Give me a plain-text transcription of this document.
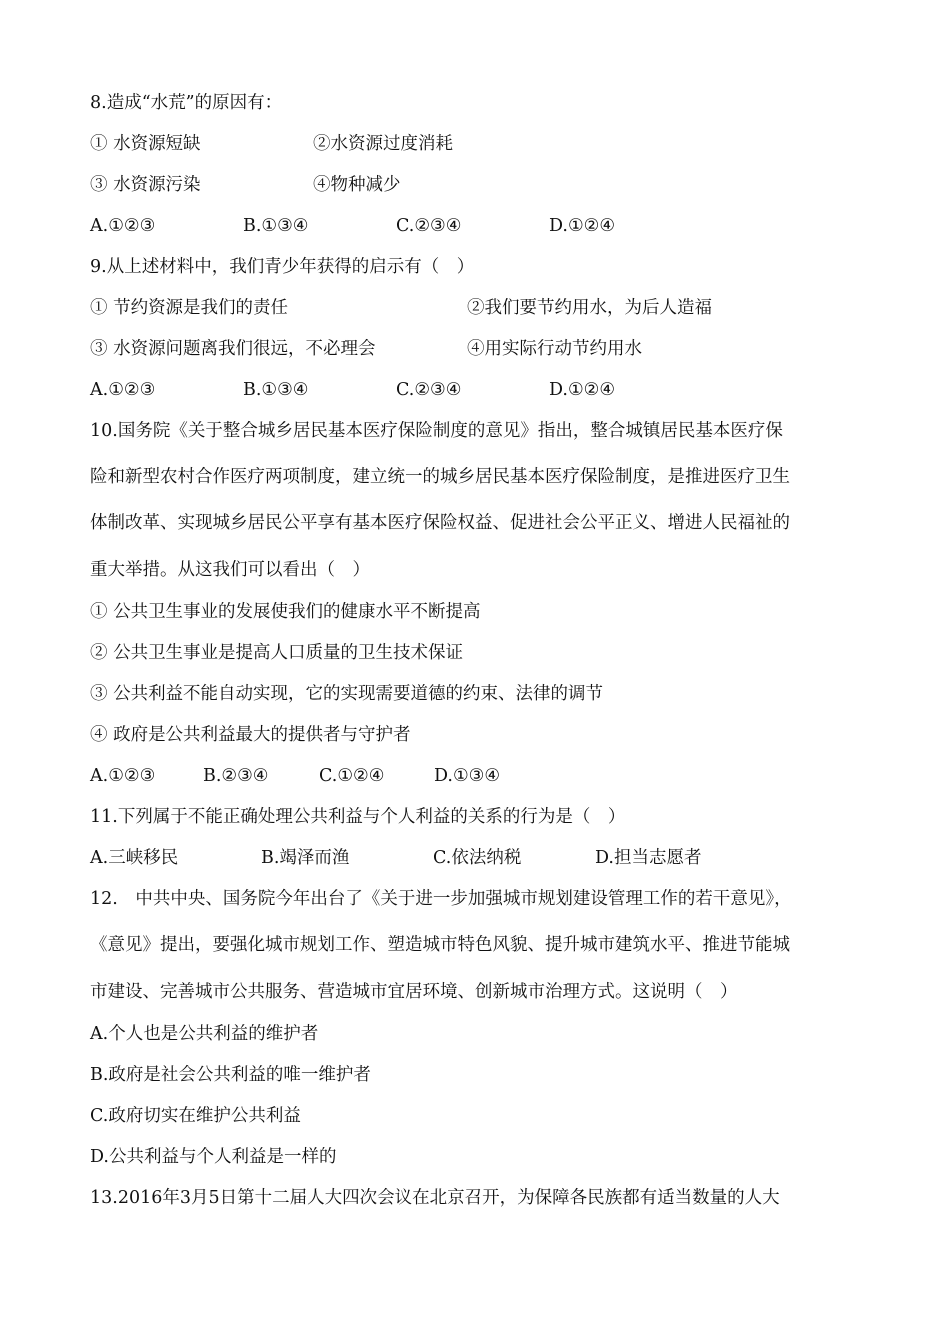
8.造成“水荒”的原因有：
① 水资源短缺	②水资源过度消耗
③ 水资源污染	④物种减少
A.①②③	B.①③④	C.②③④	D.①②④
9.从上述材料中，我们青少年获得的启示有（　）
① 节约资源是我们的责任	②我们要节约用水，为后人造福
③ 水资源问题离我们很远，不必理会	④用实际行动节约用水
A.①②③	B.①③④	C.②③④	D.①②④
10.国务院《关于整合城乡居民基本医疗保险制度的意见》指出，整合城镇居民基本医疗保
险和新型农村合作医疗两项制度，建立统一的城乡居民基本医疗保险制度，是推进医疗卫生
体制改革、实现城乡居民公平享有基本医疗保险权益、促进社会公平正义、增进人民福祉的
重大举措。从这我们可以看出（　）
① 公共卫生事业的发展使我们的健康水平不断提高
② 公共卫生事业是提高人口质量的卫生技术保证
③ 公共利益不能自动实现，它的实现需要道德的约束、法律的调节
④ 政府是公共利益最大的提供者与守护者
A.①②③	B.②③④	C.①②④	D.①③④
11.下列属于不能正确处理公共利益与个人利益的关系的行为是（　）
A.三峡移民	B.竭泽而渔	C.依法纳税	D.担当志愿者
12.　中共中央、国务院今年出台了《关于进一步加强城市规划建设管理工作的若干意见》，
《意见》提出，要强化城市规划工作、塑造城市特色风貌、提升城市建筑水平、推进节能城
市建设、完善城市公共服务、营造城市宜居环境、创新城市治理方式。这说明（　）
A.个人也是公共利益的维护者
B.政府是社会公共利益的唯一维护者
C.政府切实在维护公共利益
D.公共利益与个人利益是一样的
13.2016年3月5日第十二届人大四次会议在北京召开，为保障各民族都有适当数量的人大
